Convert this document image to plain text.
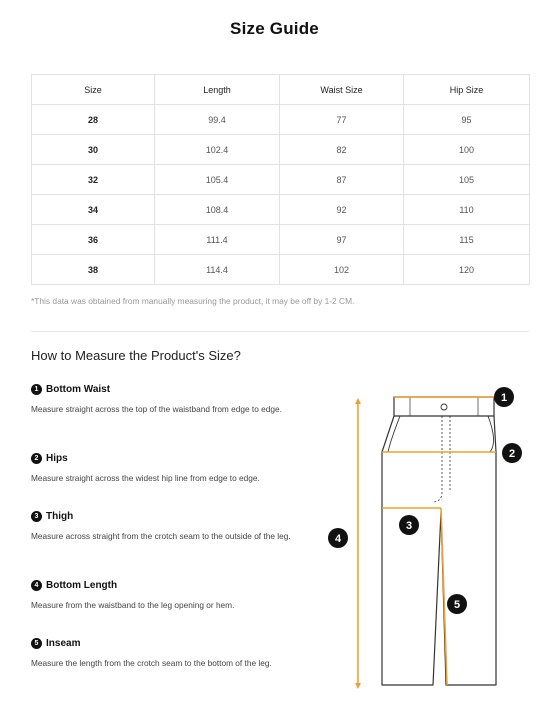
Size Guide
Size	Length	Waist Size	Hip Size
28	99.4	77	95
30	102.4	82	100
32	105.4	87	105
34	108.4	92	110
36	111.4	97	115
38	114.4	102	120
*This data was obtained from manually measuring the product, it may be off by 1-2 CM.
How to Measure the Product's Size?
1 Bottom Waist
Measure straight across the top of the waistband from edge to edge.
2 Hips
Measure straight across the widest hip line from edge to edge.
3 Thigh
Measure across straight from the crotch seam to the outside of the leg.
4 Bottom Length
Measure from the waistband to the leg opening or hem.
5 Inseam
Measure the length from the crotch seam to the bottom of the leg.
1
2
3
4
5
